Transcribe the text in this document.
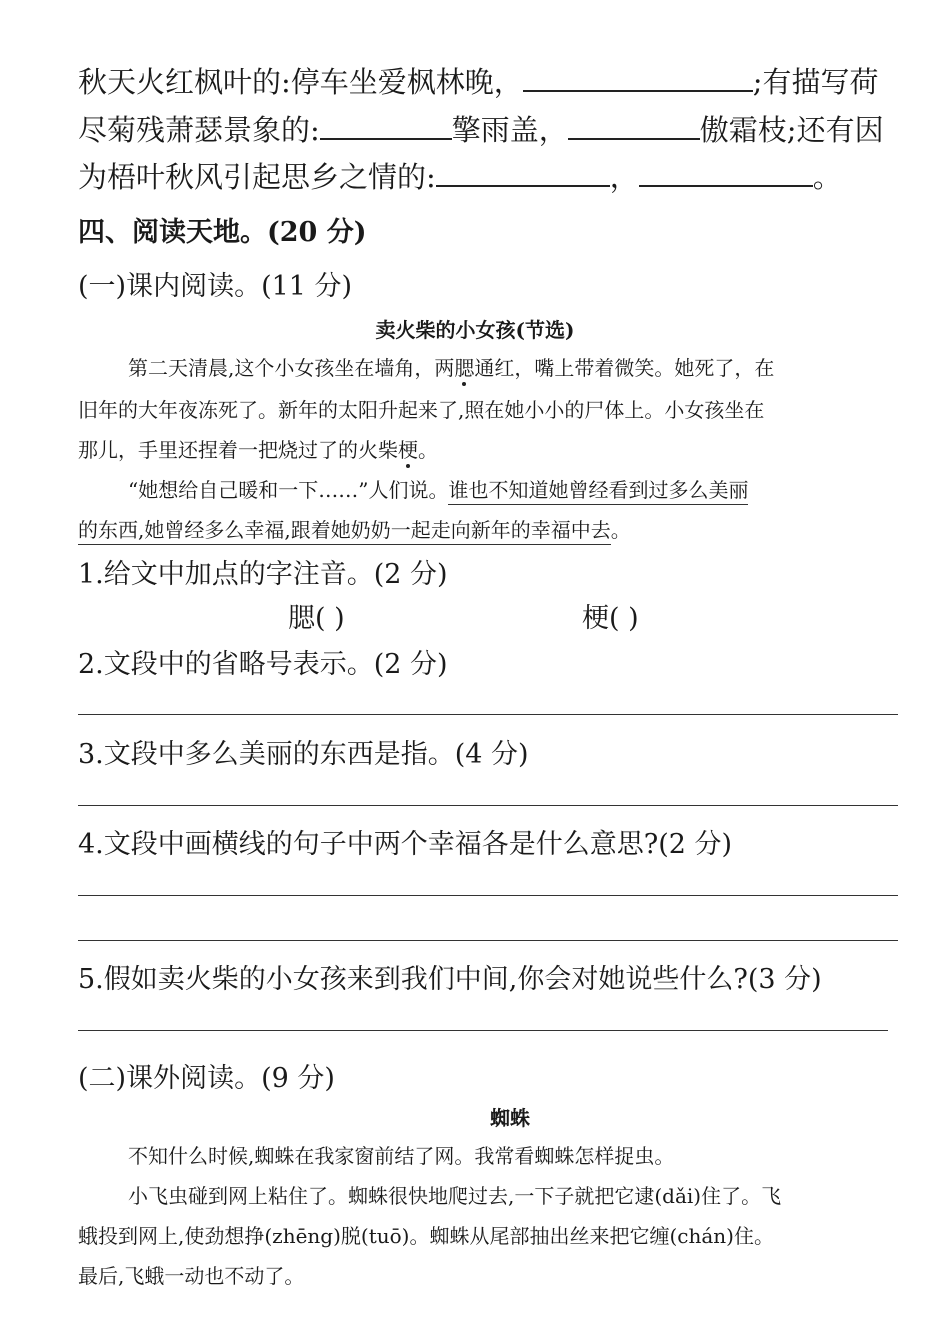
秋天火红枫叶的:停车坐爱枫林晚，	;有描写荷
尽菊残萧瑟景象的:	擎雨盖，	傲霜枝;还有因
为梧叶秋风引起思乡之情的:	，	。
四、阅读天地。(20 分)
(一)课内阅读。(11 分)
卖火柴的小女孩(节选)
第二天清晨,这个小女孩坐在墙角，两腮通红，嘴上带着微笑。她死了，在
旧年的大年夜冻死了。新年的太阳升起来了,照在她小小的尸体上。小女孩坐在
那儿，手里还捏着一把烧过了的火柴梗。
“她想给自己暖和一下……”人们说。谁也不知道她曾经看到过多么美丽
的东西,她曾经多么幸福,跟着她奶奶一起走向新年的幸福中去。
1.给文中加点的字注音。(2 分)
腮( )	梗( )
2.文段中的省略号表示。(2 分)
3.文段中多么美丽的东西是指。(4 分)
4.文段中画横线的句子中两个幸福各是什么意思?(2 分)
5.假如卖火柴的小女孩来到我们中间,你会对她说些什么?(3 分)
(二)课外阅读。(9 分)
蜘蛛
不知什么时候,蜘蛛在我家窗前结了网。我常看蜘蛛怎样捉虫。
小飞虫碰到网上粘住了。蜘蛛很快地爬过去,一下子就把它逮(dǎi)住了。飞
蛾投到网上,使劲想挣(zhēng)脱(tuō)。蜘蛛从尾部抽出丝来把它缠(chán)住。
最后,飞蛾一动也不动了。
